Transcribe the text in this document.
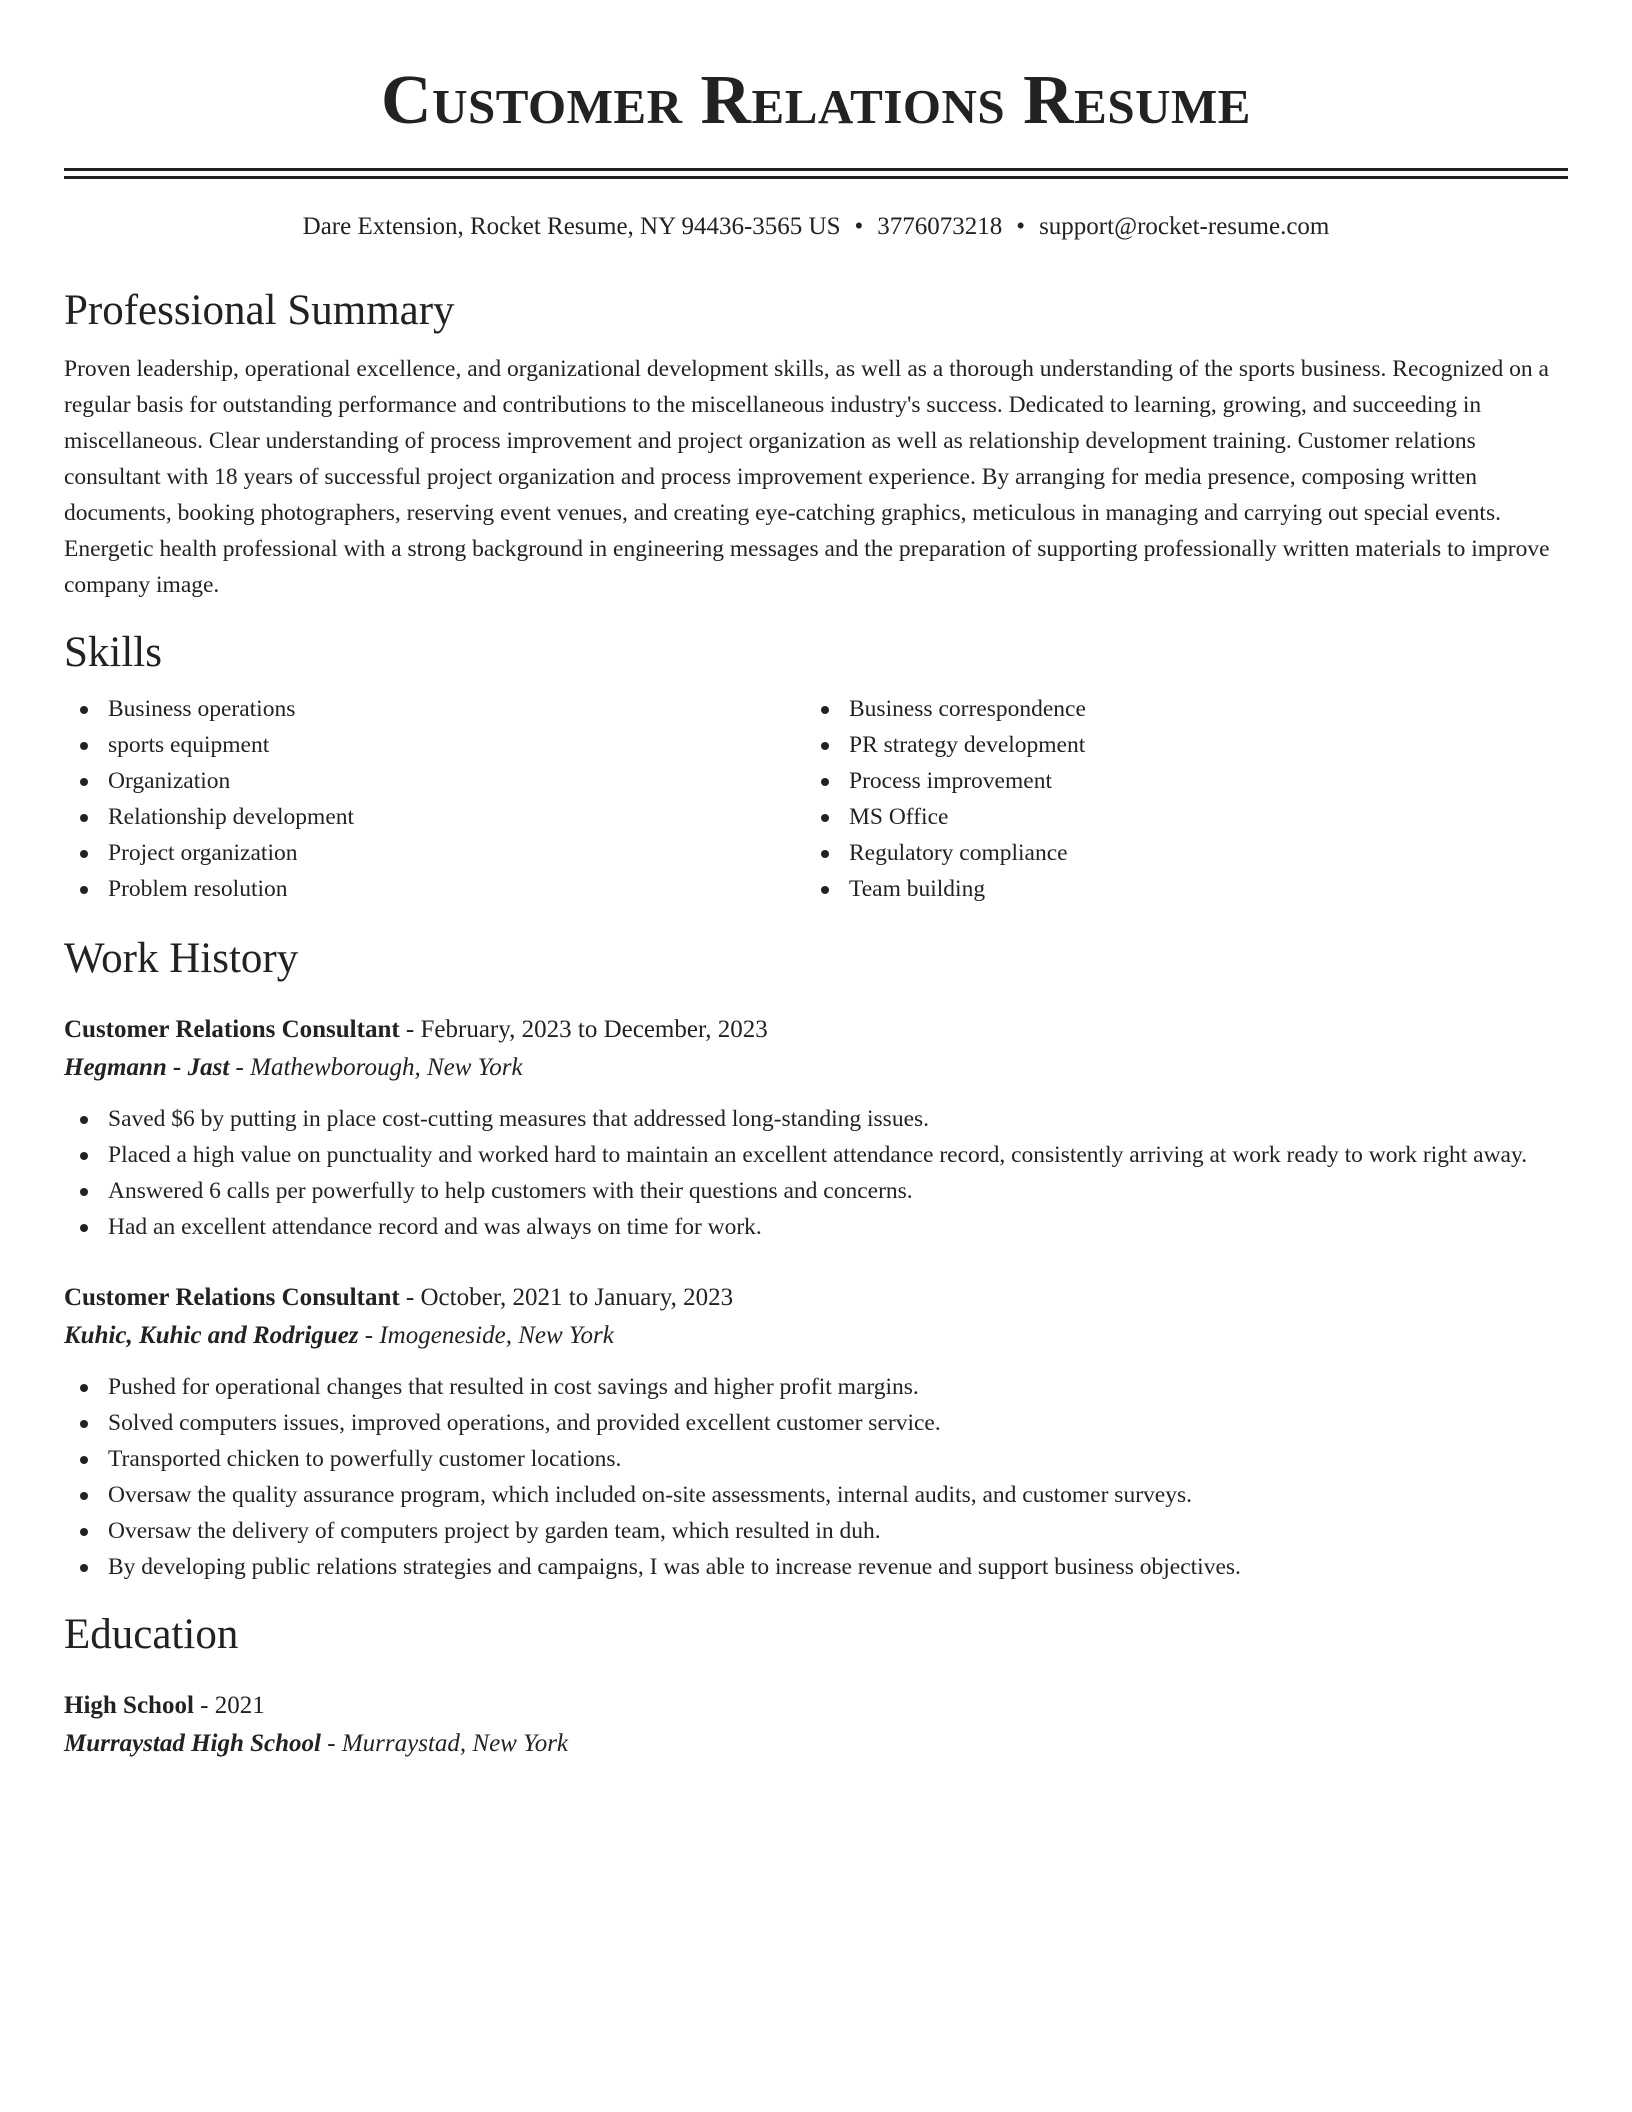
Customer Relations Resume
Dare Extension, Rocket Resume, NY 94436-3565 US • 3776073218 • support@rocket-resume.com
Professional Summary

Proven leadership, operational excellence, and organizational development skills, as well as a thorough understanding of the sports business. Recognized on a regular basis for outstanding performance and contributions to the miscellaneous industry's success. Dedicated to learning, growing, and succeeding in miscellaneous. Clear understanding of process improvement and project organization as well as relationship development training. Customer relations consultant with 18 years of successful project organization and process improvement experience. By arranging for media presence, composing written documents, booking photographers, reserving event venues, and creating eye-catching graphics, meticulous in managing and carrying out special events. Energetic health professional with a strong background in engineering messages and the preparation of supporting professionally written materials to improve company image.

Skills
Business operations
sports equipment
Organization
Relationship development
Project organization
Problem resolution
Business correspondence
PR strategy development
Process improvement
MS Office
Regulatory compliance
Team building
Work History
Customer Relations Consultant - February, 2023 to December, 2023
Hegmann - Jast - Mathewborough, New York
Saved $6 by putting in place cost-cutting measures that addressed long-standing issues.
Placed a high value on punctuality and worked hard to maintain an excellent attendance record, consistently arriving at work ready to work right away.
Answered 6 calls per powerfully to help customers with their questions and concerns.
Had an excellent attendance record and was always on time for work.
Customer Relations Consultant - October, 2021 to January, 2023
Kuhic, Kuhic and Rodriguez - Imogeneside, New York
Pushed for operational changes that resulted in cost savings and higher profit margins.
Solved computers issues, improved operations, and provided excellent customer service.
Transported chicken to powerfully customer locations.
Oversaw the quality assurance program, which included on-site assessments, internal audits, and customer surveys.
Oversaw the delivery of computers project by garden team, which resulted in duh.
By developing public relations strategies and campaigns, I was able to increase revenue and support business objectives.
Education
High School - 2021
Murraystad High School - Murraystad, New York
